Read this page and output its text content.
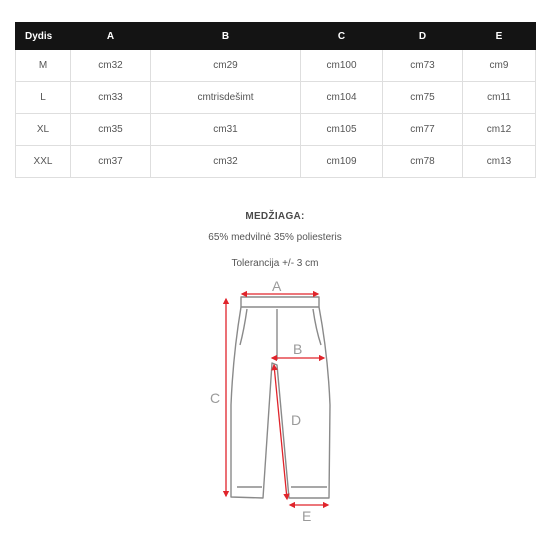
Dydis	A	B	C	D	E
M	cm32	cm29	cm100	cm73	cm9
L	cm33	cmtrisdešimt	cm104	cm75	cm11
XL	cm35	cm31	cm105	cm77	cm12
XXL	cm37	cm32	cm109	cm78	cm13
MEDŽIAGA:
65% medvilnė 35% poliesteris
Tolerancija +/- 3 cm
A
B
C
D
E
